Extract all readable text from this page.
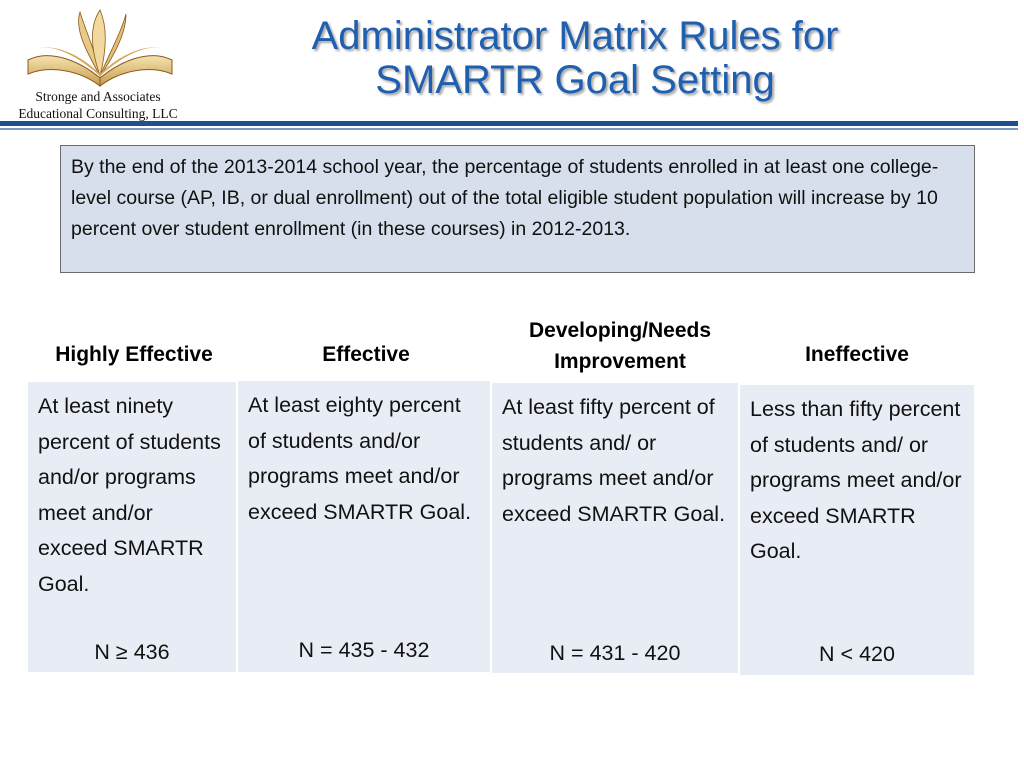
Stronge and Associates
Educational Consulting, LLC
Administrator Matrix Rules for
SMARTR Goal Setting
By the end of the 2013-2014 school year, the percentage of students enrolled in at least one college-level course (AP, IB, or dual enrollment) out of the total eligible student population will increase by 10 percent over student enrollment (in these courses) in 2012-2013.
Highly Effective	Effective
Developing/Needs
Improvement	Ineffective
At least ninety percent of students and/or programs meet and/or exceed SMARTR Goal.
N ≥ 436
At least eighty percent of students and/or programs meet and/or exceed SMARTR Goal.
N = 435 - 432
At least fifty percent of students and/ or programs meet and/or exceed SMARTR Goal.
N = 431 - 420
Less than fifty percent of students and/ or programs meet and/or exceed SMARTR Goal.
N < 420
